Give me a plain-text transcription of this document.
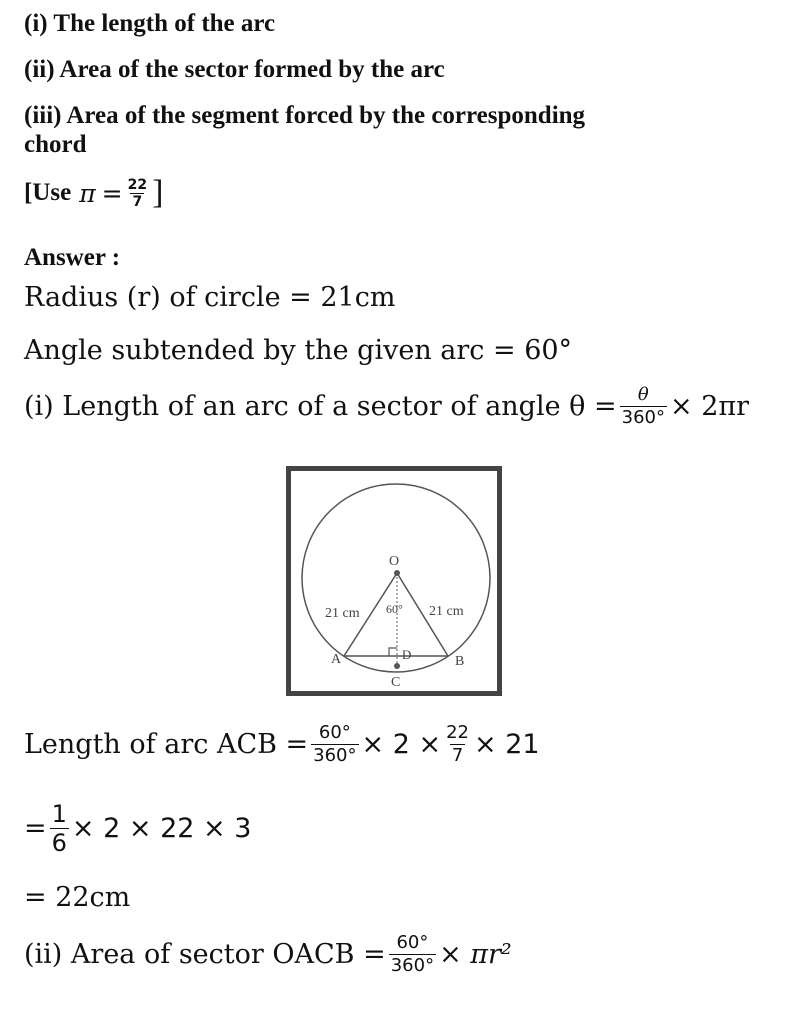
(i) The length of the arc
(ii) Area of the sector formed by the arc
(iii) Area of the segment forced by the corresponding
chord
[Use $\pi = \frac{22}{7}$ ]
Answer :
Radius (r) of circle = 21cm
Angle subtended by the given arc = 60°
(i) Length of an arc of a sector of angle $\theta = \frac{\theta}{360^\circ} \times 2\pi r$
O
A	B
C
D
21 cm	21 cm
60°
Length of arc ACB = $\frac{60^\circ}{360^\circ} \times 2 \times \frac{22}{7} \times 21$
= $\frac{1}{6} \times 2 \times 22 \times 3$
= 22cm
(ii) Area of sector OACB = $\frac{60^\circ}{360^\circ} \times \pi r^2$
